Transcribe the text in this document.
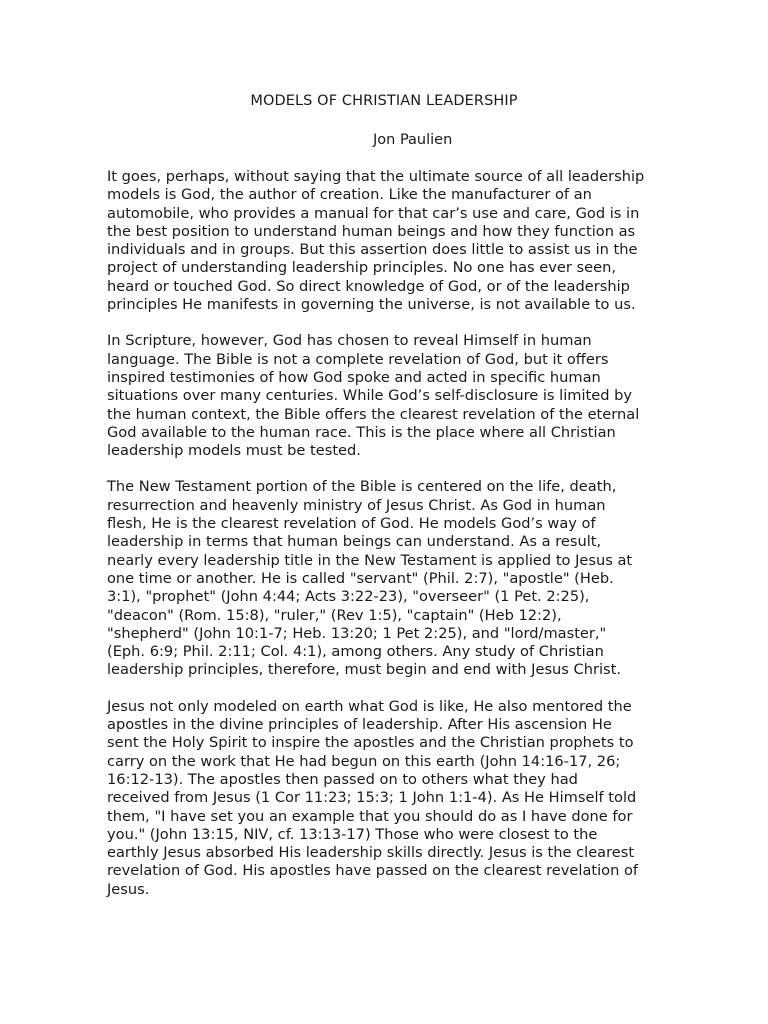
MODELS OF CHRISTIAN LEADERSHIP
Jon Paulien

It goes, perhaps, without saying that the ultimate source of all leadership
models is God, the author of creation. Like the manufacturer of an
automobile, who provides a manual for that car’s use and care, God is in
the best position to understand human beings and how they function as
individuals and in groups. But this assertion does little to assist us in the
project of understanding leadership principles. No one has ever seen,
heard or touched God. So direct knowledge of God, or of the leadership
principles He manifests in governing the universe, is not available to us.

In Scripture, however, God has chosen to reveal Himself in human
language. The Bible is not a complete revelation of God, but it offers
inspired testimonies of how God spoke and acted in specific human
situations over many centuries. While God’s self-disclosure is limited by
the human context, the Bible offers the clearest revelation of the eternal
God available to the human race. This is the place where all Christian
leadership models must be tested.

The New Testament portion of the Bible is centered on the life, death,
resurrection and heavenly ministry of Jesus Christ. As God in human
flesh, He is the clearest revelation of God. He models God’s way of
leadership in terms that human beings can understand. As a result,
nearly every leadership title in the New Testament is applied to Jesus at
one time or another. He is called "servant" (Phil. 2:7), "apostle" (Heb.
3:1), "prophet" (John 4:44; Acts 3:22-23), "overseer" (1 Pet. 2:25),
"deacon" (Rom. 15:8), "ruler," (Rev 1:5), "captain" (Heb 12:2),
"shepherd" (John 10:1-7; Heb. 13:20; 1 Pet 2:25), and "lord/master,"
(Eph. 6:9; Phil. 2:11; Col. 4:1), among others. Any study of Christian
leadership principles, therefore, must begin and end with Jesus Christ.

Jesus not only modeled on earth what God is like, He also mentored the
apostles in the divine principles of leadership. After His ascension He
sent the Holy Spirit to inspire the apostles and the Christian prophets to
carry on the work that He had begun on this earth (John 14:16-17, 26;
16:12-13). The apostles then passed on to others what they had
received from Jesus (1 Cor 11:23; 15:3; 1 John 1:1-4). As He Himself told
them, "I have set you an example that you should do as I have done for
you." (John 13:15, NIV, cf. 13:13-17) Those who were closest to the
earthly Jesus absorbed His leadership skills directly. Jesus is the clearest
revelation of God. His apostles have passed on the clearest revelation of
Jesus.
